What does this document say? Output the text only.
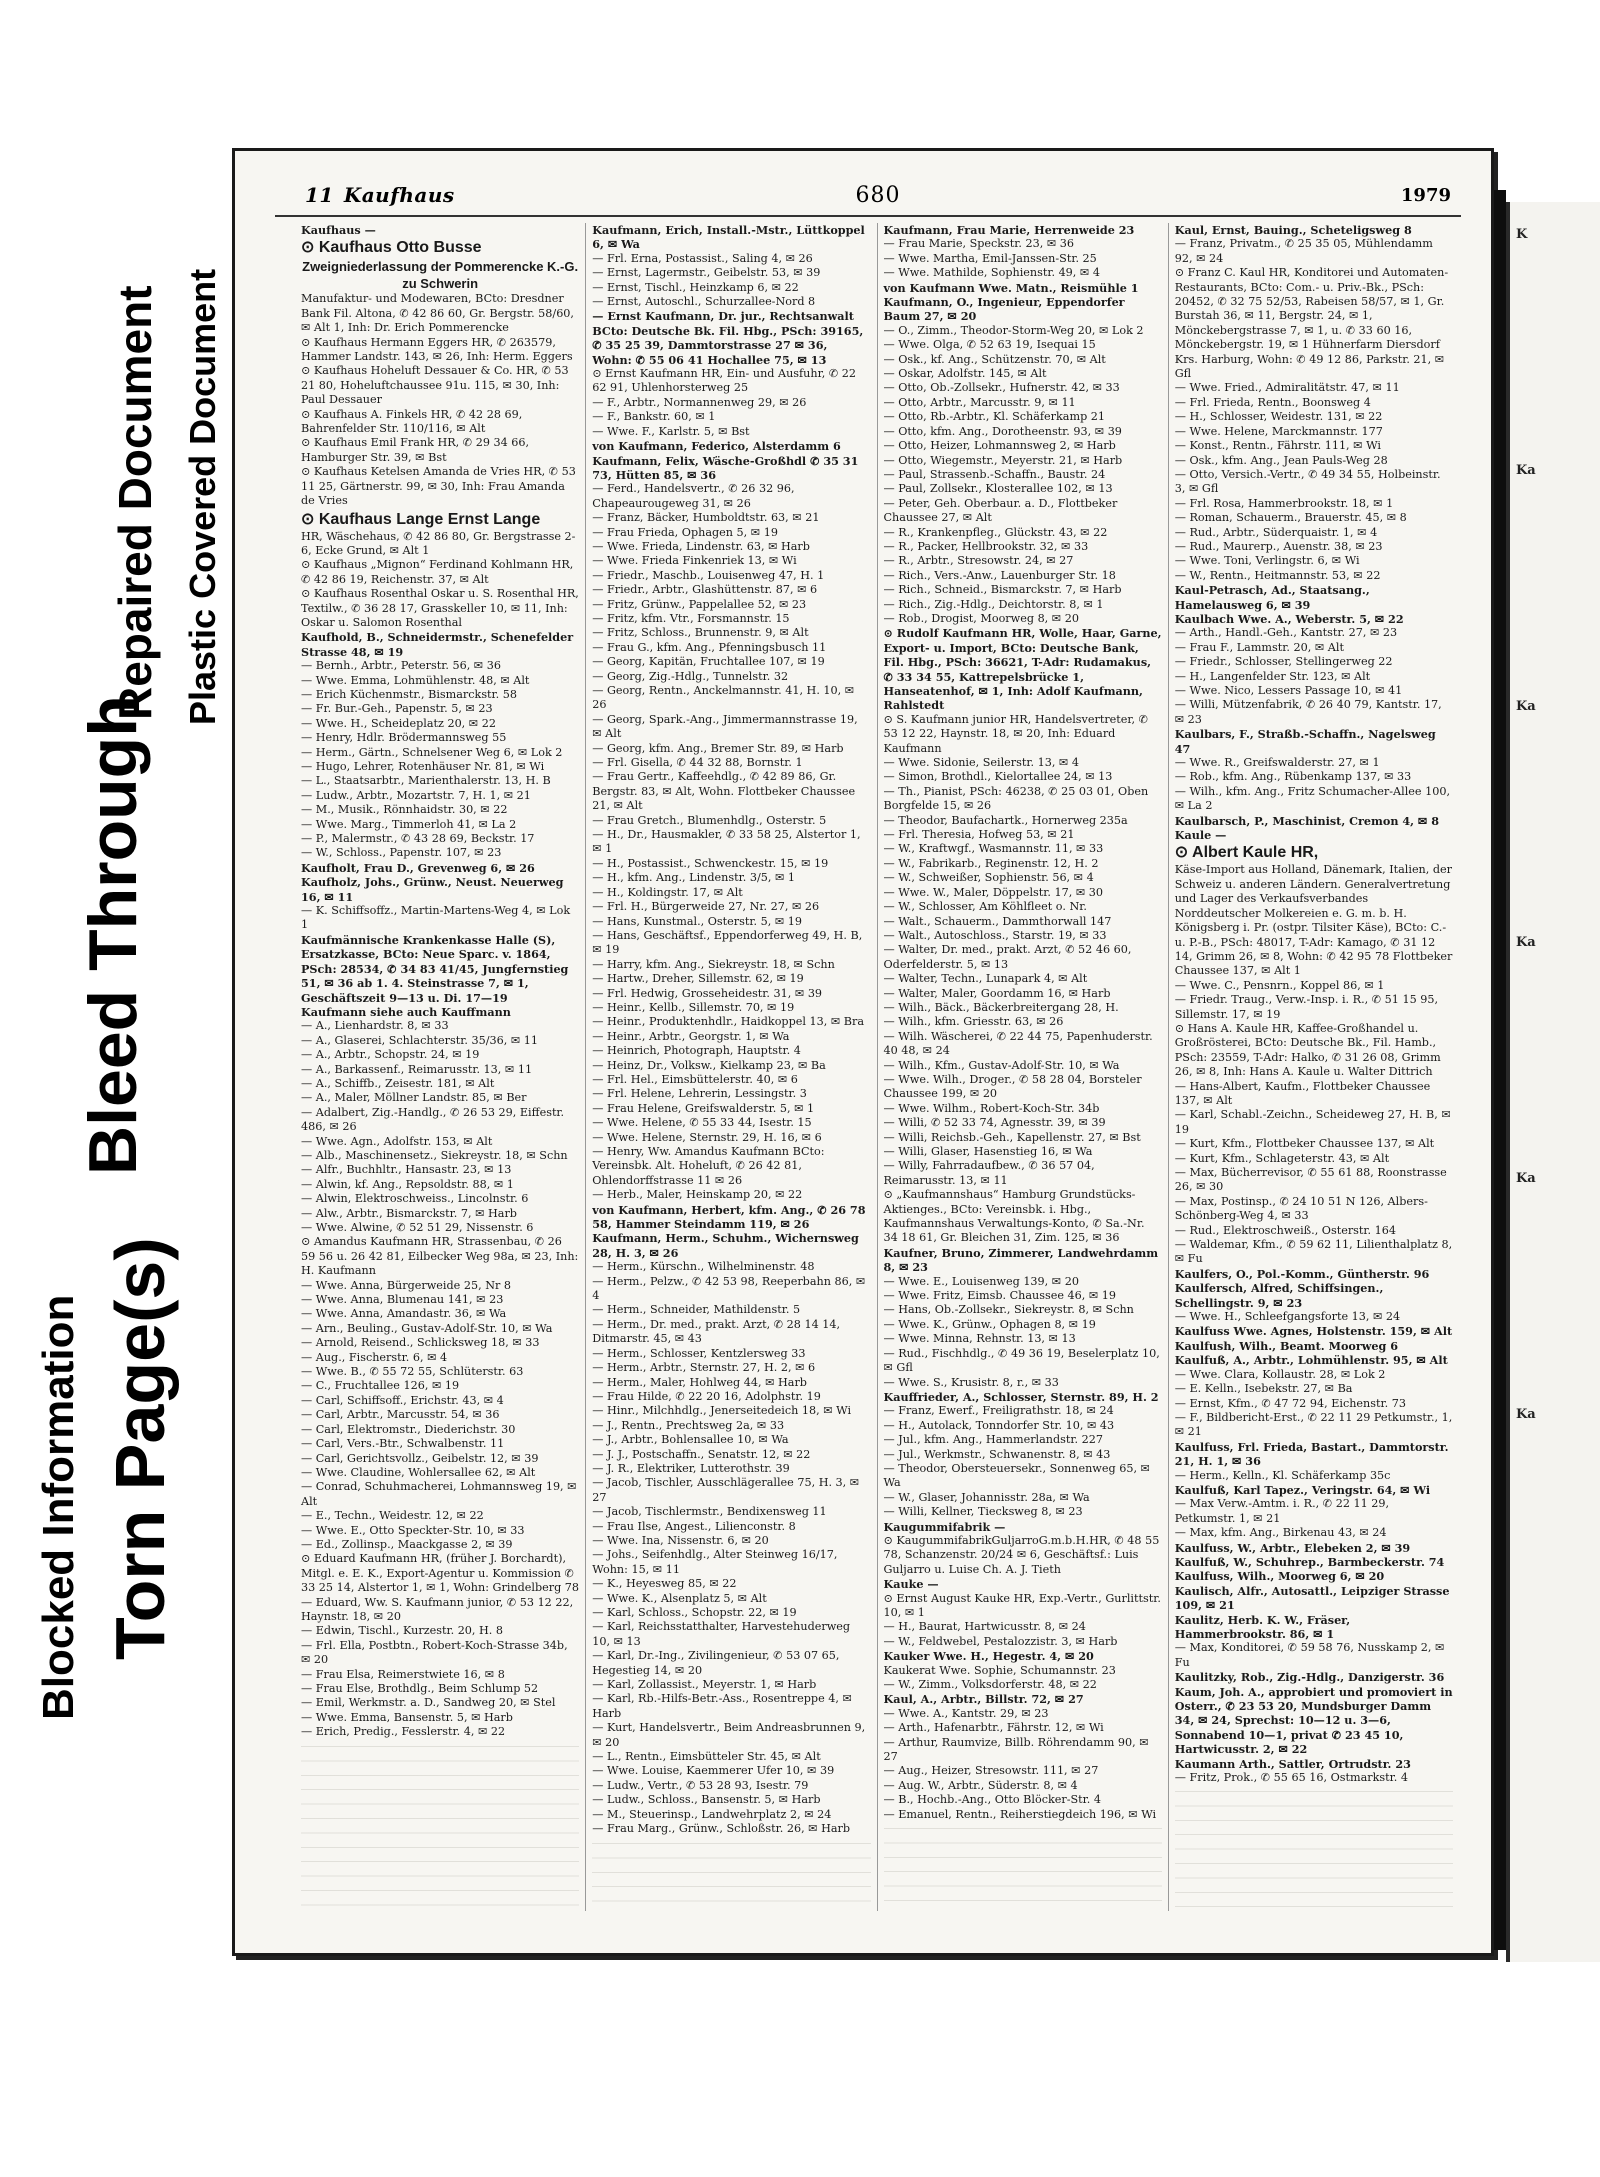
Blocked Information Torn Page(s)
Bleed Through
Repaired Document Plastic Covered Document
11 Kaufhaus	680	1979
Kaufhaus —
⊙ Kaufhaus Otto Busse
Zweigniederlassung der Pommerencke K.-G. zu Schwerin
Manufaktur- und Modewaren, BCto: Dresdner Bank Fil. Altona, ✆ 42 86 60, Gr. Bergstr. 58/60, ✉ Alt 1, Inh: Dr. Erich Pommerencke
⊙ Kaufhaus Hermann Eggers HR, ✆ 263579, Hammer Landstr. 143, ✉ 26, Inh: Herm. Eggers
⊙ Kaufhaus Hoheluft Dessauer & Co. HR, ✆ 53 21 80, Hoheluftchaussee 91u. 115, ✉ 30, Inh: Paul Dessauer
⊙ Kaufhaus A. Finkels HR, ✆ 42 28 69, Bahrenfelder Str. 110/116, ✉ Alt
⊙ Kaufhaus Emil Frank HR, ✆ 29 34 66, Hamburger Str. 39, ✉ Bst
⊙ Kaufhaus Ketelsen Amanda de Vries HR, ✆ 53 11 25, Gärtnerstr. 99, ✉ 30, Inh: Frau Amanda de Vries
⊙ Kaufhaus Lange Ernst Lange
HR, Wäschehaus, ✆ 42 86 80, Gr. Bergstrasse 2-6, Ecke Grund, ✉ Alt 1
⊙ Kaufhaus „Mignon“ Ferdinand Kohlmann HR, ✆ 42 86 19, Reichenstr. 37, ✉ Alt
⊙ Kaufhaus Rosenthal Oskar u. S. Rosenthal HR, Textilw., ✆ 36 28 17, Grasskeller 10, ✉ 11, Inh: Oskar u. Salomon Rosenthal
Kaufhold, B., Schneidermstr., Schenefelder Strasse 48, ✉ 19
— Bernh., Arbtr., Peterstr. 56, ✉ 36
— Wwe. Emma, Lohmühlenstr. 48, ✉ Alt
— Erich Küchenmstr., Bismarckstr. 58
— Fr. Bur.-Geh., Papenstr. 5, ✉ 23
— Wwe. H., Scheideplatz 20, ✉ 22
— Henry, Hdlr. Brödermannsweg 55
— Herm., Gärtn., Schnelsener Weg 6, ✉ Lok 2
— Hugo, Lehrer, Rotenhäuser Nr. 81, ✉ Wi
— L., Staatsarbtr., Marienthalerstr. 13, H. B
— Ludw., Arbtr., Mozartstr. 7, H. 1, ✉ 21
— M., Musik., Rönnhaidstr. 30, ✉ 22
— Wwe. Marg., Timmerloh 41, ✉ La 2
— P., Malermstr., ✆ 43 28 69, Beckstr. 17
— W., Schloss., Papenstr. 107, ✉ 23
Kaufholt, Frau D., Grevenweg 6, ✉ 26
Kaufholz, Johs., Grünw., Neust. Neuerweg 16, ✉ 11
— K. Schiffsoffz., Martin-Martens-Weg 4, ✉ Lok 1
Kaufmännische Krankenkasse Halle (S), Ersatzkasse, BCto: Neue Sparc. v. 1864, PSch: 28534, ✆ 34 83 41/45, Jungfernstieg 51, ✉ 36 ab 1. 4. Steinstrasse 7, ✉ 1, Geschäftszeit 9—13 u. Di. 17—19
Kaufmann siehe auch Kauffmann
— A., Lienhardstr. 8, ✉ 33
— A., Glaserei, Schlachterstr. 35/36, ✉ 11
— A., Arbtr., Schopstr. 24, ✉ 19
— A., Barkassenf., Reimarusstr. 13, ✉ 11
— A., Schiffb., Zeisestr. 181, ✉ Alt
— A., Maler, Möllner Landstr. 85, ✉ Ber
— Adalbert, Zig.-Handlg., ✆ 26 53 29, Eiffestr. 486, ✉ 26
— Wwe. Agn., Adolfstr. 153, ✉ Alt
— Alb., Maschinensetz., Siekreystr. 18, ✉ Schn
— Alfr., Buchhltr., Hansastr. 23, ✉ 13
— Alwin, kf. Ang., Repsoldstr. 88, ✉ 1
— Alwin, Elektroschweiss., Lincolnstr. 6
— Alw., Arbtr., Bismarckstr. 7, ✉ Harb
— Wwe. Alwine, ✆ 52 51 29, Nissenstr. 6
⊙ Amandus Kaufmann HR, Strassenbau, ✆ 26 59 56 u. 26 42 81, Eilbecker Weg 98a, ✉ 23, Inh: H. Kaufmann
— Wwe. Anna, Bürgerweide 25, Nr 8
— Wwe. Anna, Blumenau 141, ✉ 23
— Wwe. Anna, Amandastr. 36, ✉ Wa
— Arn., Beuling., Gustav-Adolf-Str. 10, ✉ Wa
— Arnold, Reisend., Schlicksweg 18, ✉ 33
— Aug., Fischerstr. 6, ✉ 4
— Wwe. B., ✆ 55 72 55, Schlüterstr. 63
— C., Fruchtallee 126, ✉ 19
— Carl, Schiffsoff., Erichstr. 43, ✉ 4
— Carl, Arbtr., Marcusstr. 54, ✉ 36
— Carl, Elektromstr., Diederichstr. 30
— Carl, Vers.-Btr., Schwalbenstr. 11
— Carl, Gerichtsvollz., Geibelstr. 12, ✉ 39
— Wwe. Claudine, Wohlersallee 62, ✉ Alt
— Conrad, Schuhmacherei, Lohmannsweg 19, ✉ Alt
— E., Techn., Weidestr. 12, ✉ 22
— Wwe. E., Otto Speckter-Str. 10, ✉ 33
— Ed., Zollinsp., Maackgasse 2, ✉ 39
⊙ Eduard Kaufmann HR, (früher J. Borchardt), Mitgl. e. E. K., Export-Agentur u. Kommission ✆ 33 25 14, Alstertor 1, ✉ 1, Wohn: Grindelberg 78
— Eduard, Ww. S. Kaufmann junior, ✆ 53 12 22, Haynstr. 18, ✉ 20
— Edwin, Tischl., Kurzestr. 20, H. 8
— Frl. Ella, Postbtn., Robert-Koch-Strasse 34b, ✉ 20
— Frau Elsa, Reimerstwiete 16, ✉ 8
— Frau Else, Brothdlg., Beim Schlump 52
— Emil, Werkmstr. a. D., Sandweg 20, ✉ Stel
— Wwe. Emma, Bansenstr. 5, ✉ Harb
— Erich, Predig., Fesslerstr. 4, ✉ 22
Kaufmann, Erich, Install.-Mstr., Lüttkoppel 6, ✉ Wa
— Frl. Erna, Postassist., Saling 4, ✉ 26
— Ernst, Lagermstr., Geibelstr. 53, ✉ 39
— Ernst, Tischl., Heinzkamp 6, ✉ 22
— Ernst, Autoschl., Schurzallee-Nord 8
— Ernst Kaufmann, Dr. jur., Rechtsanwalt BCto: Deutsche Bk. Fil. Hbg., PSch: 39165, ✆ 35 25 39, Dammtorstrasse 27 ✉ 36, Wohn: ✆ 55 06 41 Hochallee 75, ✉ 13
⊙ Ernst Kaufmann HR, Ein- und Ausfuhr, ✆ 22 62 91, Uhlenhorsterweg 25
— F., Arbtr., Normannenweg 29, ✉ 26
— F., Bankstr. 60, ✉ 1
— Wwe. F., Karlstr. 5, ✉ Bst
von Kaufmann, Federico, Alsterdamm 6
Kaufmann, Felix, Wäsche-Großhdl ✆ 35 31 73, Hütten 85, ✉ 36
— Ferd., Handelsvertr., ✆ 26 32 96, Chapeaurougeweg 31, ✉ 26
— Franz, Bäcker, Humboldtstr. 63, ✉ 21
— Frau Frieda, Ophagen 5, ✉ 19
— Wwe. Frieda, Lindenstr. 63, ✉ Harb
— Wwe. Frieda Finkenriek 13, ✉ Wi
— Friedr., Maschb., Louisenweg 47, H. 1
— Friedr., Arbtr., Glashüttenstr. 87, ✉ 6
— Fritz, Grünw., Pappelallee 52, ✉ 23
— Fritz, kfm. Vtr., Forsmannstr. 15
— Fritz, Schloss., Brunnenstr. 9, ✉ Alt
— Frau G., kfm. Ang., Pfenningsbusch 11
— Georg, Kapitän, Fruchtallee 107, ✉ 19
— Georg, Zig.-Hdlg., Tunnelstr. 32
— Georg, Rentn., Anckelmannstr. 41, H. 10, ✉ 26
— Georg, Spark.-Ang., Jimmermannstrasse 19, ✉ Alt
— Georg, kfm. Ang., Bremer Str. 89, ✉ Harb
— Frl. Gisella, ✆ 44 32 88, Bornstr. 1
— Frau Gertr., Kaffeehdlg., ✆ 42 89 86, Gr. Bergstr. 83, ✉ Alt, Wohn. Flottbeker Chaussee 21, ✉ Alt
— Frau Gretch., Blumenhdlg., Osterstr. 5
— H., Dr., Hausmakler, ✆ 33 58 25, Alstertor 1, ✉ 1
— H., Postassist., Schwenckestr. 15, ✉ 19
— H., kfm. Ang., Lindenstr. 3/5, ✉ 1
— H., Koldingstr. 17, ✉ Alt
— Frl. H., Bürgerweide 27, Nr. 27, ✉ 26
— Hans, Kunstmal., Osterstr. 5, ✉ 19
— Hans, Geschäftsf., Eppendorferweg 49, H. B, ✉ 19
— Harry, kfm. Ang., Siekreystr. 18, ✉ Schn
— Hartw., Dreher, Sillemstr. 62, ✉ 19
— Frl. Hedwig, Grosseheidestr. 31, ✉ 39
— Heinr., Kellb., Sillemstr. 70, ✉ 19
— Heinr., Produktenhdlr., Haidkoppel 13, ✉ Bra
— Heinr., Arbtr., Georgstr. 1, ✉ Wa
— Heinrich, Photograph, Hauptstr. 4
— Heinz, Dr., Volksw., Kielkamp 23, ✉ Ba
— Frl. Hel., Eimsbüttelerstr. 40, ✉ 6
— Frl. Helene, Lehrerin, Lessingstr. 3
— Frau Helene, Greifswalderstr. 5, ✉ 1
— Wwe. Helene, ✆ 55 33 44, Isestr. 15
— Wwe. Helene, Sternstr. 29, H. 16, ✉ 6
— Henry, Ww. Amandus Kaufmann BCto: Vereinsbk. Alt. Hoheluft, ✆ 26 42 81, Ohlendorffstrasse 11 ✉ 26
— Herb., Maler, Heinskamp 20, ✉ 22
von Kaufmann, Herbert, kfm. Ang., ✆ 26 78 58, Hammer Steindamm 119, ✉ 26
Kaufmann, Herm., Schuhm., Wichernsweg 28, H. 3, ✉ 26
— Herm., Kürschn., Wilhelminenstr. 48
— Herm., Pelzw., ✆ 42 53 98, Reeperbahn 86, ✉ 4
— Herm., Schneider, Mathildenstr. 5
— Herm., Dr. med., prakt. Arzt, ✆ 28 14 14, Ditmarstr. 45, ✉ 43
— Herm., Schlosser, Kentzlersweg 33
— Herm., Arbtr., Sternstr. 27, H. 2, ✉ 6
— Herm., Maler, Hohlweg 44, ✉ Harb
— Frau Hilde, ✆ 22 20 16, Adolphstr. 19
— Hinr., Milchhdlg., Jenerseitedeich 18, ✉ Wi
— J., Rentn., Prechtsweg 2a, ✉ 33
— J., Arbtr., Bohlensallee 10, ✉ Wa
— J. J., Postschaffn., Senatstr. 12, ✉ 22
— J. R., Elektriker, Lutterothstr. 39
— Jacob, Tischler, Ausschlägerallee 75, H. 3, ✉ 27
— Jacob, Tischlermstr., Bendixensweg 11
— Frau Ilse, Angest., Lilienconstr. 8
— Wwe. Ina, Nissenstr. 6, ✉ 20
— Johs., Seifenhdlg., Alter Steinweg 16/17, Wohn: 15, ✉ 11
— K., Heyesweg 85, ✉ 22
— Wwe. K., Alsenplatz 5, ✉ Alt
— Karl, Schloss., Schopstr. 22, ✉ 19
— Karl, Reichsstatthalter, Harvestehuderweg 10, ✉ 13
— Karl, Dr.-Ing., Zivilingenieur, ✆ 53 07 65, Hegestieg 14, ✉ 20
— Karl, Zollassist., Meyerstr. 1, ✉ Harb
— Karl, Rb.-Hilfs-Betr.-Ass., Rosentreppe 4, ✉ Harb
— Kurt, Handelsvertr., Beim Andreasbrunnen 9, ✉ 20
— L., Rentn., Eimsbütteler Str. 45, ✉ Alt
— Wwe. Louise, Kaemmerer Ufer 10, ✉ 39
— Ludw., Vertr., ✆ 53 28 93, Isestr. 79
— Ludw., Schloss., Bansenstr. 5, ✉ Harb
— M., Steuerinsp., Landwehrplatz 2, ✉ 24
— Frau Marg., Grünw., Schloßstr. 26, ✉ Harb
Kaufmann, Frau Marie, Herrenweide 23
— Frau Marie, Speckstr. 23, ✉ 36
— Wwe. Martha, Emil-Janssen-Str. 25
— Wwe. Mathilde, Sophienstr. 49, ✉ 4
von Kaufmann Wwe. Matn., Reismühle 1
Kaufmann, O., Ingenieur, Eppendorfer Baum 27, ✉ 20
— O., Zimm., Theodor-Storm-Weg 20, ✉ Lok 2
— Wwe. Olga, ✆ 52 63 19, Isequai 15
— Osk., kf. Ang., Schützenstr. 70, ✉ Alt
— Oskar, Adolfstr. 145, ✉ Alt
— Otto, Ob.-Zollsekr., Hufnerstr. 42, ✉ 33
— Otto, Arbtr., Marcusstr. 9, ✉ 11
— Otto, Rb.-Arbtr., Kl. Schäferkamp 21
— Otto, kfm. Ang., Dorotheenstr. 93, ✉ 39
— Otto, Heizer, Lohmannsweg 2, ✉ Harb
— Otto, Wiegemstr., Meyerstr. 21, ✉ Harb
— Paul, Strassenb.-Schaffn., Baustr. 24
— Paul, Zollsekr., Klosterallee 102, ✉ 13
— Peter, Geh. Oberbaur. a. D., Flottbeker Chaussee 27, ✉ Alt
— R., Krankenpfleg., Glückstr. 43, ✉ 22
— R., Packer, Hellbrookstr. 32, ✉ 33
— R., Arbtr., Stresowstr. 24, ✉ 27
— Rich., Vers.-Anw., Lauenburger Str. 18
— Rich., Schneid., Bismarckstr. 7, ✉ Harb
— Rich., Zig.-Hdlg., Deichtorstr. 8, ✉ 1
— Rob., Drogist, Moorweg 8, ✉ 20
⊙ Rudolf Kaufmann HR, Wolle, Haar, Garne, Export- u. Import, BCto: Deutsche Bank, Fil. Hbg., PSch: 36621, T-Adr: Rudamakus, ✆ 33 34 55, Kattrepelsbrücke 1, Hanseatenhof, ✉ 1, Inh: Adolf Kaufmann, Rahlstedt
⊙ S. Kaufmann junior HR, Handelsvertreter, ✆ 53 12 22, Haynstr. 18, ✉ 20, Inh: Eduard Kaufmann
— Wwe. Sidonie, Seilerstr. 13, ✉ 4
— Simon, Brothdl., Kielortallee 24, ✉ 13
— Th., Pianist, PSch: 46238, ✆ 25 03 01, Oben Borgfelde 15, ✉ 26
— Theodor, Baufachartk., Hornerweg 235a
— Frl. Theresia, Hofweg 53, ✉ 21
— W., Kraftwgf., Wasmannstr. 11, ✉ 33
— W., Fabrikarb., Reginenstr. 12, H. 2
— W., Schweißer, Sophienstr. 56, ✉ 4
— Wwe. W., Maler, Döppelstr. 17, ✉ 30
— W., Schlosser, Am Köhlfleet o. Nr.
— Walt., Schauerm., Dammthorwall 147
— Walt., Autoschloss., Starstr. 19, ✉ 33
— Walter, Dr. med., prakt. Arzt, ✆ 52 46 60, Oderfelderstr. 5, ✉ 13
— Walter, Techn., Lunapark 4, ✉ Alt
— Walter, Maler, Goordamm 16, ✉ Harb
— Wilh., Bäck., Bäckerbreitergang 28, H.
— Wilh., kfm. Griesstr. 63, ✉ 26
— Wilh. Wäscherei, ✆ 22 44 75, Papenhuderstr. 40 48, ✉ 24
— Wilh., Kfm., Gustav-Adolf-Str. 10, ✉ Wa
— Wwe. Wilh., Droger., ✆ 58 28 04, Borsteler Chaussee 199, ✉ 20
— Wwe. Wilhm., Robert-Koch-Str. 34b
— Willi, ✆ 52 33 74, Agnesstr. 39, ✉ 39
— Willi, Reichsb.-Geh., Kapellenstr. 27, ✉ Bst
— Willi, Glaser, Hasenstieg 16, ✉ Wa
— Willy, Fahrradaufbew., ✆ 36 57 04, Reimarusstr. 13, ✉ 11
⊙ „Kaufmannshaus“ Hamburg Grundstücks-Aktienges., BCto: Vereinsbk. i. Hbg., Kaufmannshaus Verwaltungs-Konto, ✆ Sa.-Nr. 34 18 61, Gr. Bleichen 31, Zim. 125, ✉ 36
Kaufner, Bruno, Zimmerer, Landwehrdamm 8, ✉ 23
— Wwe. E., Louisenweg 139, ✉ 20
— Wwe. Fritz, Eimsb. Chaussee 46, ✉ 19
— Hans, Ob.-Zollsekr., Siekreystr. 8, ✉ Schn
— Wwe. K., Grünw., Ophagen 8, ✉ 19
— Wwe. Minna, Rehnstr. 13, ✉ 13
— Rud., Fischhdlg., ✆ 49 36 19, Beselerplatz 10, ✉ Gfl
— Wwe. S., Krusistr. 8, r., ✉ 33
Kauffrieder, A., Schlosser, Sternstr. 89, H. 2
— Franz, Ewerf., Freiligrathstr. 18, ✉ 24
— H., Autolack, Tonndorfer Str. 10, ✉ 43
— Jul., kfm. Ang., Hammerlandstr. 227
— Jul., Werkmstr., Schwanenstr. 8, ✉ 43
— Theodor, Obersteuersekr., Sonnenweg 65, ✉ Wa
— W., Glaser, Johannisstr. 28a, ✉ Wa
— Willi, Kellner, Tiecksweg 8, ✉ 23
Kaugummifabrik —
⊙ KaugummifabrikGuljarroG.m.b.H.HR, ✆ 48 55 78, Schanzenstr. 20/24 ✉ 6, Geschäftsf.: Luis Guljarro u. Luise Ch. A. J. Tieth
Kauke —
⊙ Ernst August Kauke HR, Exp.-Vertr., Gurlittstr. 10, ✉ 1
— H., Baurat, Hartwicusstr. 8, ✉ 24
— W., Feldwebel, Pestalozzistr. 3, ✉ Harb
Kauker Wwe. H., Hegestr. 4, ✉ 20
Kaukerat Wwe. Sophie, Schumannstr. 23
— W., Zimm., Volksdorferstr. 48, ✉ 22
Kaul, A., Arbtr., Billstr. 72, ✉ 27
— Wwe. A., Kantstr. 29, ✉ 23
— Arth., Hafenarbtr., Fährstr. 12, ✉ Wi
— Arthur, Raumvize, Billb. Röhrendamm 90, ✉ 27
— Aug., Heizer, Stresowstr. 111, ✉ 27
— Aug. W., Arbtr., Süderstr. 8, ✉ 4
— B., Hochb.-Ang., Otto Blöcker-Str. 4
— Emanuel, Rentn., Reiherstiegdeich 196, ✉ Wi
Kaul, Ernst, Bauing., Scheteligsweg 8
— Franz, Privatm., ✆ 25 35 05, Mühlendamm 92, ✉ 24
⊙ Franz C. Kaul HR, Konditorei und Automaten-Restaurants, BCto: Com.- u. Priv.-Bk., PSch: 20452, ✆ 32 75 52/53, Rabeisen 58/57, ✉ 1, Gr. Burstah 36, ✉ 11, Bergstr. 24, ✉ 1, Mönckebergstrasse 7, ✉ 1, u. ✆ 33 60 16, Mönckebergstr. 19, ✉ 1 Hühnerfarm Diersdorf Krs. Harburg, Wohn: ✆ 49 12 86, Parkstr. 21, ✉ Gfl
— Wwe. Fried., Admiralitätstr. 47, ✉ 11
— Frl. Frieda, Rentn., Boonsweg 4
— H., Schlosser, Weidestr. 131, ✉ 22
— Wwe. Helene, Marckmannstr. 177
— Konst., Rentn., Fährstr. 111, ✉ Wi
— Osk., kfm. Ang., Jean Pauls-Weg 28
— Otto, Versich.-Vertr., ✆ 49 34 55, Holbeinstr. 3, ✉ Gfl
— Frl. Rosa, Hammerbrookstr. 18, ✉ 1
— Roman, Schauerm., Brauerstr. 45, ✉ 8
— Rud., Arbtr., Süderquaistr. 1, ✉ 4
— Rud., Maurerp., Auenstr. 38, ✉ 23
— Wwe. Toni, Verlingstr. 6, ✉ Wi
— W., Rentn., Heitmannstr. 53, ✉ 22
Kaul-Petrasch, Ad., Staatsang., Hamelausweg 6, ✉ 39
Kaulbach Wwe. A., Weberstr. 5, ✉ 22
— Arth., Handl.-Geh., Kantstr. 27, ✉ 23
— Frau F., Lammstr. 20, ✉ Alt
— Friedr., Schlosser, Stellingerweg 22
— H., Langenfelder Str. 123, ✉ Alt
— Wwe. Nico, Lessers Passage 10, ✉ 41
— Willi, Mützenfabrik, ✆ 26 40 79, Kantstr. 17, ✉ 23
Kaulbars, F., Straßb.-Schaffn., Nagelsweg 47
— Wwe. R., Greifswalderstr. 27, ✉ 1
— Rob., kfm. Ang., Rübenkamp 137, ✉ 33
— Wilh., kfm. Ang., Fritz Schumacher-Allee 100, ✉ La 2
Kaulbarsch, P., Maschinist, Cremon 4, ✉ 8
Kaule —
⊙ Albert Kaule HR,
Käse-Import aus Holland, Dänemark, Italien, der Schweiz u. anderen Ländern. Generalvertretung und Lager des Verkaufsverbandes Norddeutscher Molkereien e. G. m. b. H. Königsberg i. Pr. (ostpr. Tilsiter Käse), BCto: C.- u. P.-B., PSch: 48017, T-Adr: Kamago, ✆ 31 12 14, Grimm 26, ✉ 8, Wohn: ✆ 42 95 78 Flottbeker Chaussee 137, ✉ Alt 1
— Wwe. C., Pensnrn., Koppel 86, ✉ 1
— Friedr. Traug., Verw.-Insp. i. R., ✆ 51 15 95, Sillemstr. 17, ✉ 19
⊙ Hans A. Kaule HR, Kaffee-Großhandel u. Großrösterei, BCto: Deutsche Bk., Fil. Hamb., PSch: 23559, T-Adr: Halko, ✆ 31 26 08, Grimm 26, ✉ 8, Inh: Hans A. Kaule u. Walter Dittrich
— Hans-Albert, Kaufm., Flottbeker Chaussee 137, ✉ Alt
— Karl, Schabl.-Zeichn., Scheideweg 27, H. B, ✉ 19
— Kurt, Kfm., Flottbeker Chaussee 137, ✉ Alt
— Kurt, Kfm., Schlageterstr. 43, ✉ Alt
— Max, Bücherrevisor, ✆ 55 61 88, Roonstrasse 26, ✉ 30
— Max, Postinsp., ✆ 24 10 51 N 126, Albers-Schönberg-Weg 4, ✉ 33
— Rud., Elektroschweiß., Osterstr. 164
— Waldemar, Kfm., ✆ 59 62 11, Lilienthalplatz 8, ✉ Fu
Kaulfers, O., Pol.-Komm., Güntherstr. 96
Kaulfersch, Alfred, Schiffsingen., Schellingstr. 9, ✉ 23
— Wwe. H., Schleefgangsforte 13, ✉ 24
Kaulfuss Wwe. Agnes, Holstenstr. 159, ✉ Alt
Kaulfush, Wilh., Beamt. Moorweg 6
Kaulfuß, A., Arbtr., Lohmühlenstr. 95, ✉ Alt
— Wwe. Clara, Kollaustr. 28, ✉ Lok 2
— E. Kelln., Isebekstr. 27, ✉ Ba
— Ernst, Kfm., ✆ 47 72 94, Eichenstr. 73
— F., Bildbericht-Erst., ✆ 22 11 29 Petkumstr., 1, ✉ 21
Kaulfuss, Frl. Frieda, Bastart., Dammtorstr. 21, H. 1, ✉ 36
— Herm., Kelln., Kl. Schäferkamp 35c
Kaulfuß, Karl Tapez., Veringstr. 64, ✉ Wi
— Max Verw.-Amtm. i. R., ✆ 22 11 29, Petkumstr. 1, ✉ 21
— Max, kfm. Ang., Birkenau 43, ✉ 24
Kaulfuss, W., Arbtr., Elebeken 2, ✉ 39
Kaulfuß, W., Schuhrep., Barmbeckerstr. 74
Kaulfuss, Wilh., Moorweg 6, ✉ 20
Kaulisch, Alfr., Autosattl., Leipziger Strasse 109, ✉ 21
Kaulitz, Herb. K. W., Fräser, Hammerbrookstr. 86, ✉ 1
— Max, Konditorei, ✆ 59 58 76, Nusskamp 2, ✉ Fu
Kaulitzky, Rob., Zig.-Hdlg., Danzigerstr. 36
Kaum, Joh. A., approbiert und promoviert in Osterr., ✆ 23 53 20, Mundsburger Damm 34, ✉ 24, Sprechst: 10—12 u. 3—6, Sonnabend 10—1, privat ✆ 23 45 10, Hartwicusstr. 2, ✉ 22
Kaumann Arth., Sattler, Ortrudstr. 23
— Fritz, Prok., ✆ 55 65 16, Ostmarkstr. 4
K
Ka
Ka
Ka
Ka
Ka
